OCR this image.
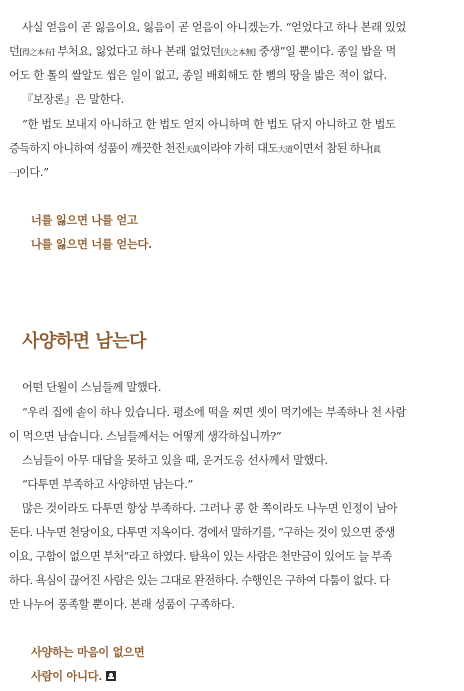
사실 얻음이 곧 잃음이요, 잃음이 곧 얻음이 아니겠는가. “얻었다고 하나 본래 있었
던[得之本有] 부처요, 잃었다고 하나 본래 없었던[失之本無] 중생”일 뿐이다. 종일 밥을 먹
어도 한 톨의 쌀알도 씹은 일이 없고, 종일 배회해도 한 뼘의 땅을 밟은 적이 없다.
『보장론』은 말한다.
“한 법도 보내지 아니하고 한 법도 얻지 아니하며 한 법도 닦지 아니하고 한 법도
증득하지 아니하여 성품이 깨끗한 천진天眞이라야 가히 대도大道이면서 참된 하나[眞
一]이다.”
너를 잃으면 나를 얻고
나를 잃으면 너를 얻는다.
사양하면 남는다
어떤 단월이 스님들께 말했다.
“우리 집에 솥이 하나 있습니다. 평소에 떡을 찌면 셋이 먹기에는 부족하나 천 사람
이 먹으면 남습니다. 스님들께서는 어떻게 생각하십니까?”
스님들이 아무 대답을 못하고 있을 때, 운거도응 선사께서 말했다.
“다투면 부족하고 사양하면 남는다.”
많은 것이라도 다투면 항상 부족하다. 그러나 콩 한 쪽이라도 나누면 인정이 남아
돈다. 나누면 천당이요, 다투면 지옥이다. 경에서 말하기를, “구하는 것이 있으면 중생
이요, 구함이 없으면 부처”라고 하였다. 탐욕이 있는 사람은 천만금이 있어도 늘 부족
하다. 욕심이 끊어진 사람은 있는 그대로 완전하다. 수행인은 구하여 다툼이 없다. 다
만 나누어 풍족할 뿐이다. 본래 성품이 구족하다.
사양하는 마음이 없으면
사람이 아니다.
